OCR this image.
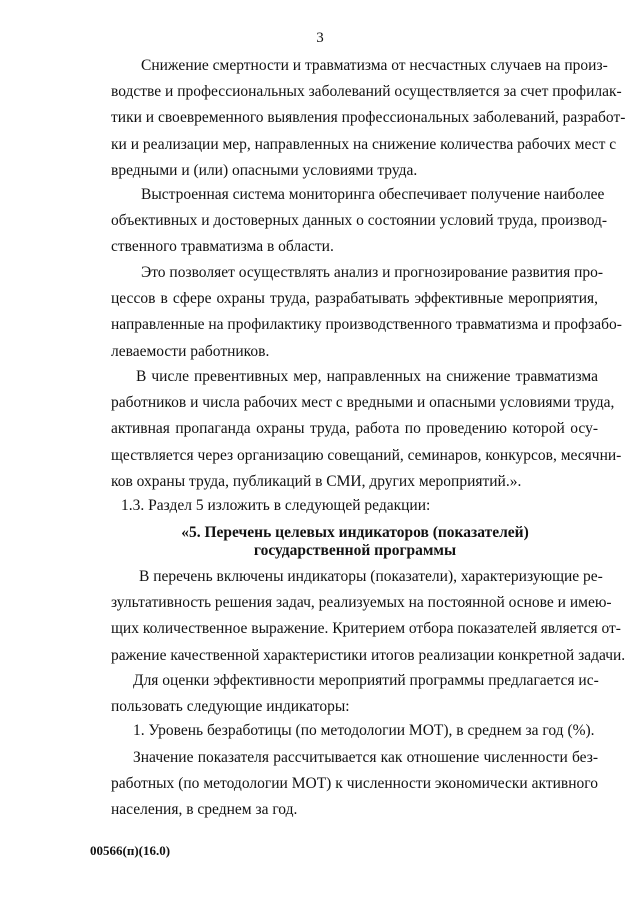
3
Снижение смертности и травматизма от несчастных случаев на произ-
водстве и профессиональных заболеваний осуществляется за счет профилак-
тики и своевременного выявления профессиональных заболеваний, разработ-
ки и реализации мер, направленных на снижение количества рабочих мест с
вредными и (или) опасными условиями труда.
Выстроенная система мониторинга обеспечивает получение наиболее
объективных и достоверных данных о состоянии условий труда, производ-
ственного травматизма в области.
Это позволяет осуществлять анализ и прогнозирование развития про-
цессов в сфере охраны труда, разрабатывать эффективные мероприятия,
направленные на профилактику производственного травматизма и профзабо-
леваемости работников.
В числе превентивных мер, направленных на снижение травматизма
работников и числа рабочих мест с вредными и опасными условиями труда,
активная пропаганда охраны труда, работа по проведению которой осу-
ществляется через организацию совещаний, семинаров, конкурсов, месячни-
ков охраны труда, публикаций в СМИ, других мероприятий.».
1.3. Раздел 5 изложить в следующей редакции:
«5. Перечень целевых индикаторов (показателей)
государственной программы
В перечень включены индикаторы (показатели), характеризующие ре-
зультативность решения задач, реализуемых на постоянной основе и имею-
щих количественное выражение. Критерием отбора показателей является от-
ражение качественной характеристики итогов реализации конкретной задачи.
Для оценки эффективности мероприятий программы предлагается ис-
пользовать следующие индикаторы:
1. Уровень безработицы (по методологии МОТ), в среднем за год (%).
Значение показателя рассчитывается как отношение численности без-
работных (по методологии МОТ) к численности экономически активного
населения, в среднем за год.
00566(п)(16.0)
